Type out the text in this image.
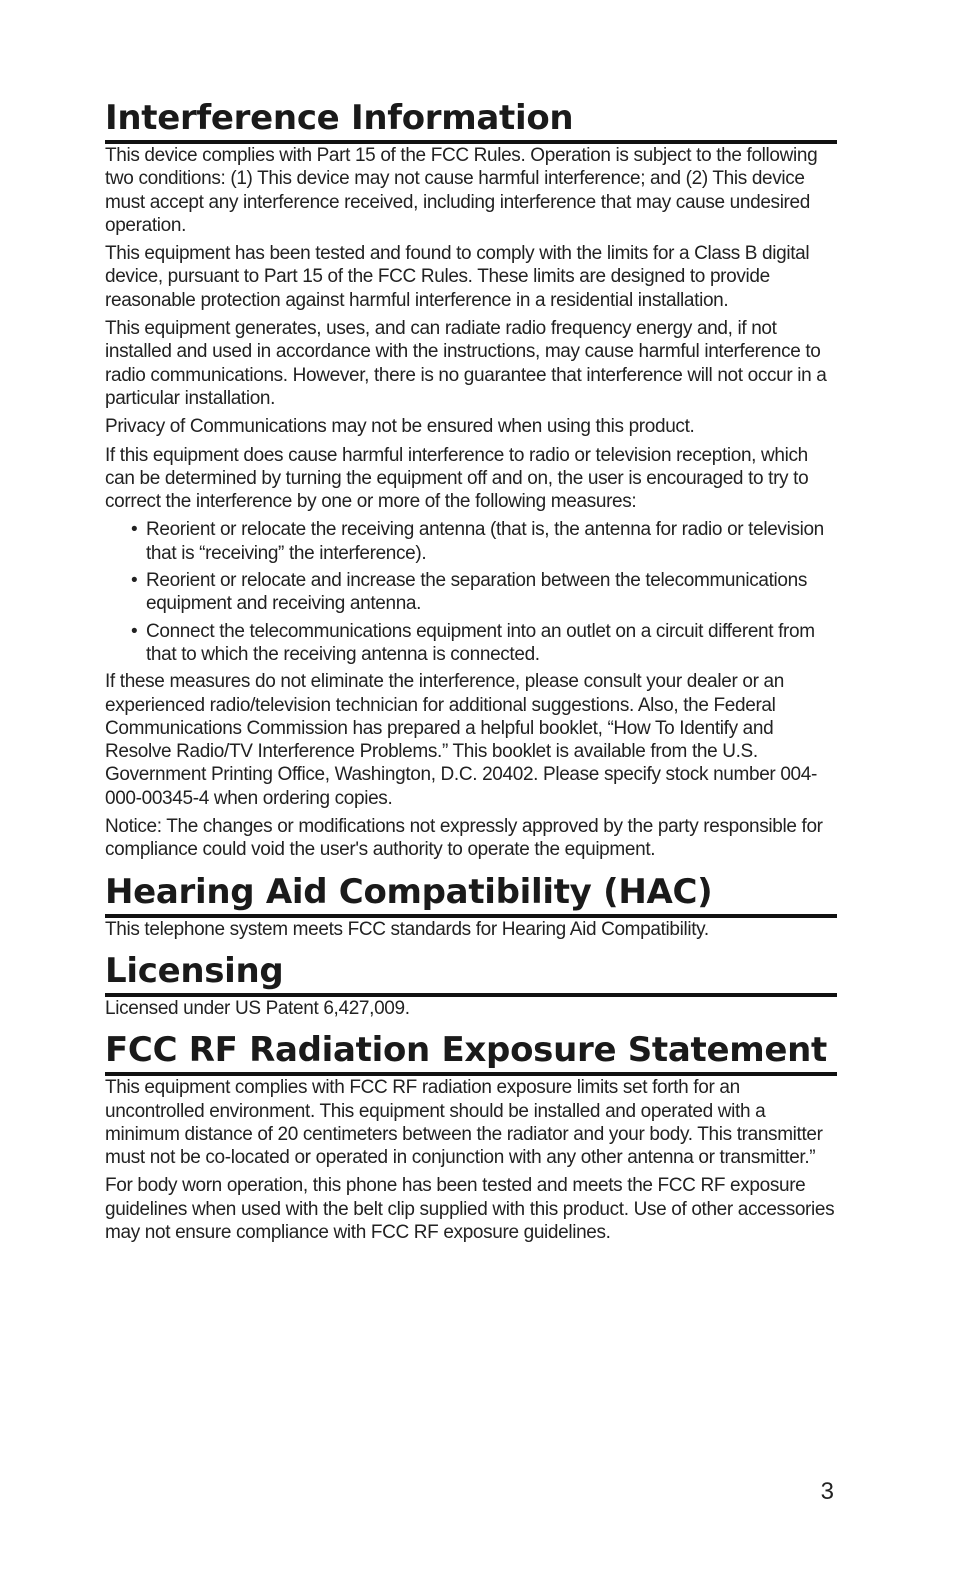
Interference Information

This device complies with Part 15 of the FCC Rules. Operation is subject to the following two conditions: (1) This device may not cause harmful interference; and (2) This device must accept any interference received, including interference that may cause undesired operation.

This equipment has been tested and found to comply with the limits for a Class B digital device, pursuant to Part 15 of the FCC Rules. These limits are designed to provide reasonable protection against harmful interference in a residential installation.

This equipment generates, uses, and can radiate radio frequency energy and, if not installed and used in accordance with the instructions, may cause harmful interference to radio communications. However, there is no guarantee that interference will not occur in a particular installation.

Privacy of Communications may not be ensured when using this product.

If this equipment does cause harmful interference to radio or television reception, which can be determined by turning the equipment off and on, the user is encouraged to try to correct the interference by one or more of the following measures:

• Reorient or relocate the receiving antenna (that is, the antenna for radio or television that is “receiving” the interference).
• Reorient or relocate and increase the separation between the telecommunications equipment and receiving antenna.
• Connect the telecommunications equipment into an outlet on a circuit different from that to which the receiving antenna is connected.

If these measures do not eliminate the interference, please consult your dealer or an experienced radio/television technician for additional suggestions. Also, the Federal Communications Commission has prepared a helpful booklet, “How To Identify and Resolve Radio/TV Interference Problems.” This booklet is available from the U.S. Government Printing Office, Washington, D.C. 20402. Please specify stock number 004-000-00345-4 when ordering copies.

Notice: The changes or modifications not expressly approved by the party responsible for compliance could void the user's authority to operate the equipment.

Hearing Aid Compatibility (HAC)

This telephone system meets FCC standards for Hearing Aid Compatibility.

Licensing

Licensed under US Patent 6,427,009.

FCC RF Radiation Exposure Statement

This equipment complies with FCC RF radiation exposure limits set forth for an uncontrolled environment. This equipment should be installed and operated with a minimum distance of 20 centimeters between the radiator and your body. This transmitter must not be co-located or operated in conjunction with any other antenna or transmitter.”

For body worn operation, this phone has been tested and meets the FCC RF exposure guidelines when used with the belt clip supplied with this product. Use of other accessories may not ensure compliance with FCC RF exposure guidelines.

3
